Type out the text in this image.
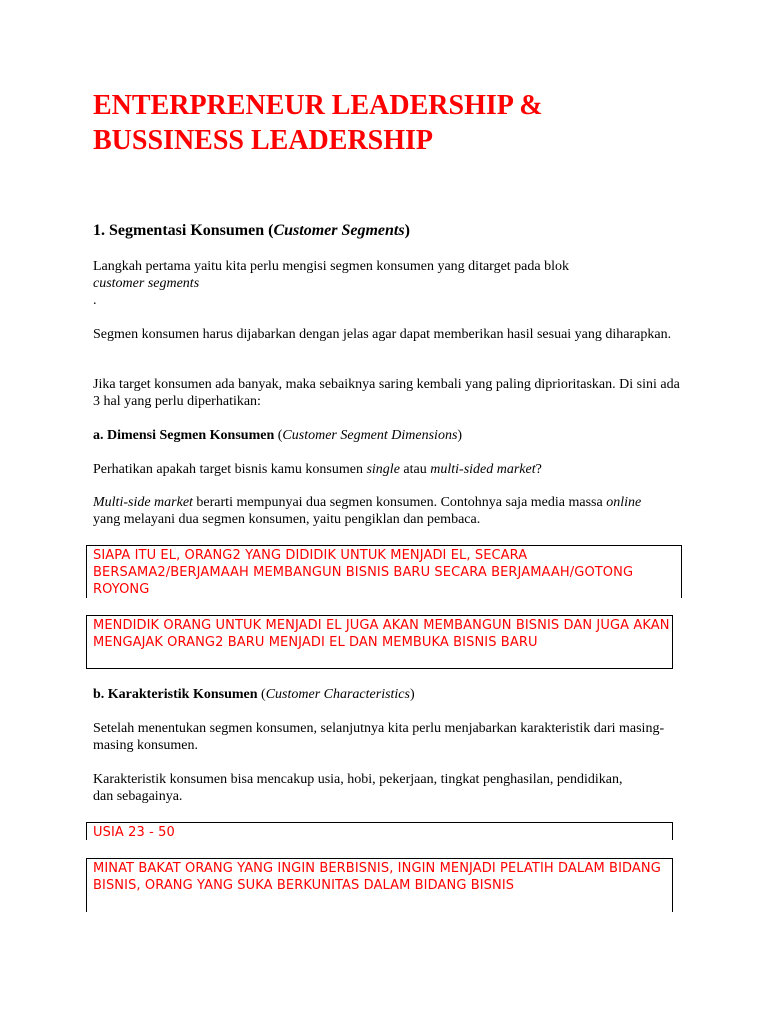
ENTERPRENEUR LEADERSHIP &
BUSSINESS LEADERSHIP

1. Segmentasi Konsumen (Customer Segments)

Langkah pertama yaitu kita perlu mengisi segmen konsumen yang ditarget pada blok
customer segments
.

Segmen konsumen harus dijabarkan dengan jelas agar dapat memberikan hasil sesuai yang diharapkan.

Jika target konsumen ada banyak, maka sebaiknya saring kembali yang paling diprioritaskan. Di sini ada 3 hal yang perlu diperhatikan:

a. Dimensi Segmen Konsumen (Customer Segment Dimensions)

Perhatikan apakah target bisnis kamu konsumen single atau multi-sided market?

Multi-side market berarti mempunyai dua segmen konsumen. Contohnya saja media massa online yang melayani dua segmen konsumen, yaitu pengiklan dan pembaca.

SIAPA ITU EL, ORANG2 YANG DIDIDIK UNTUK MENJADI EL, SECARA BERSAMA2/BERJAMAAH MEMBANGUN BISNIS BARU SECARA BERJAMAAH/GOTONG ROYONG
MENDIDIK ORANG UNTUK MENJADI EL JUGA AKAN MEMBANGUN BISNIS DAN JUGA AKAN MENGAJAK ORANG2 BARU MENJADI EL DAN MEMBUKA BISNIS BARU

b. Karakteristik Konsumen (Customer Characteristics)

Setelah menentukan segmen konsumen, selanjutnya kita perlu menjabarkan karakteristik dari masing-masing konsumen.

Karakteristik konsumen bisa mencakup usia, hobi, pekerjaan, tingkat penghasilan, pendidikan, dan sebagainya.

USIA 23 - 50
MINAT BAKAT ORANG YANG INGIN BERBISNIS, INGIN MENJADI PELATIH DALAM BIDANG BISNIS, ORANG YANG SUKA BERKUNITAS DALAM BIDANG BISNIS
